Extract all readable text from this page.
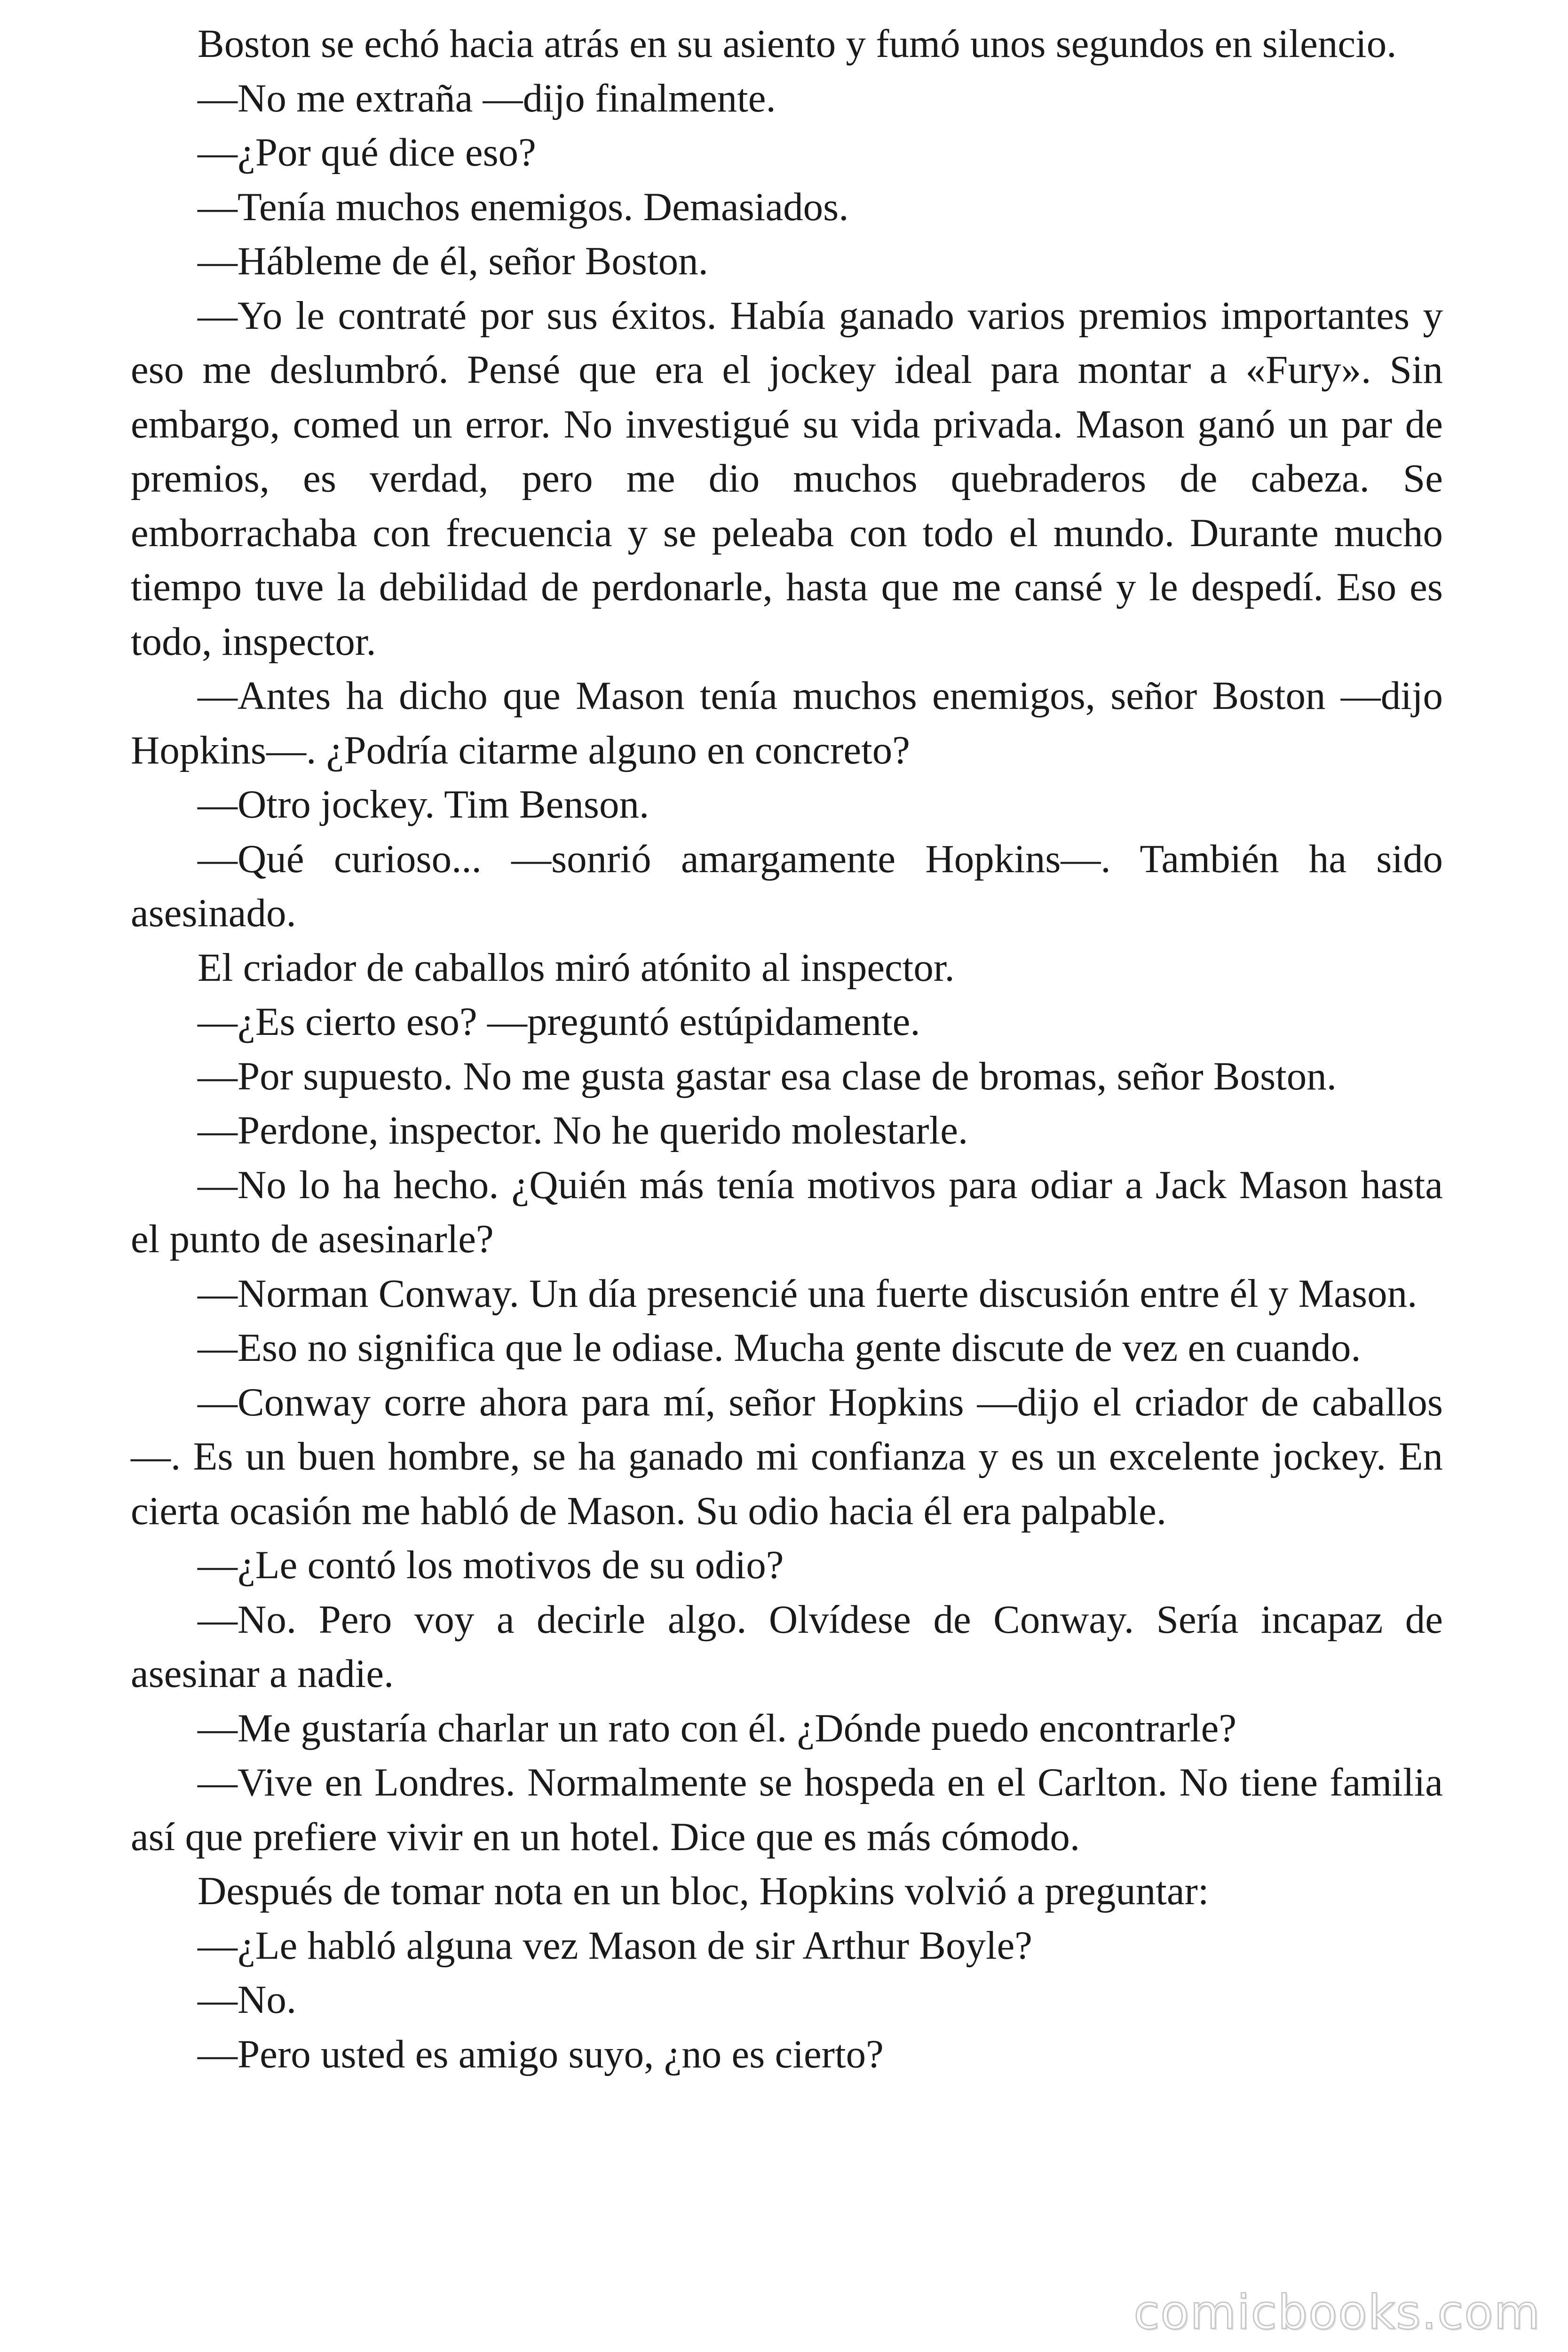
Boston se echó hacia atrás en su asiento y fumó unos segundos en silencio.

—No me extraña —dijo finalmente.

—¿Por qué dice eso?

—Tenía muchos enemigos. Demasiados.

—Hábleme de él, señor Boston.

—Yo le contraté por sus éxitos. Había ganado varios premios importantes y eso me deslumbró. Pensé que era el jockey ideal para montar a «Fury». Sin embargo, comed un error. No investigué su vida privada. Mason ganó un par de premios, es verdad, pero me dio muchos quebraderos de cabeza. Se emborrachaba con frecuencia y se peleaba con todo el mundo. Durante mucho tiempo tuve la debilidad de perdonarle, hasta que me cansé y le despedí. Eso es todo, inspector.

—Antes ha dicho que Mason tenía muchos enemigos, señor Boston —dijo Hopkins—. ¿Podría citarme alguno en concreto?

—Otro jockey. Tim Benson.

—Qué curioso... —sonrió amargamente Hopkins—. También ha sido asesinado.

El criador de caballos miró atónito al inspector.

—¿Es cierto eso? —preguntó estúpidamente.

—Por supuesto. No me gusta gastar esa clase de bromas, señor Boston.

—Perdone, inspector. No he querido molestarle.

—No lo ha hecho. ¿Quién más tenía motivos para odiar a Jack Mason hasta el punto de asesinarle?

—Norman Conway. Un día presencié una fuerte discusión entre él y Mason.

—Eso no significa que le odiase. Mucha gente discute de vez en cuando.

—Conway corre ahora para mí, señor Hopkins —dijo el criador de caballos—. Es un buen hombre, se ha ganado mi confianza y es un excelente jockey. En cierta ocasión me habló de Mason. Su odio hacia él era palpable.

—¿Le contó los motivos de su odio?

—No. Pero voy a decirle algo. Olvídese de Conway. Sería incapaz de asesinar a nadie.

—Me gustaría charlar un rato con él. ¿Dónde puedo encontrarle?

—Vive en Londres. Normalmente se hospeda en el Carlton. No tiene familia así que prefiere vivir en un hotel. Dice que es más cómodo.

Después de tomar nota en un bloc, Hopkins volvió a preguntar:

—¿Le habló alguna vez Mason de sir Arthur Boyle?

—No.

—Pero usted es amigo suyo, ¿no es cierto?

comicbooks.com
